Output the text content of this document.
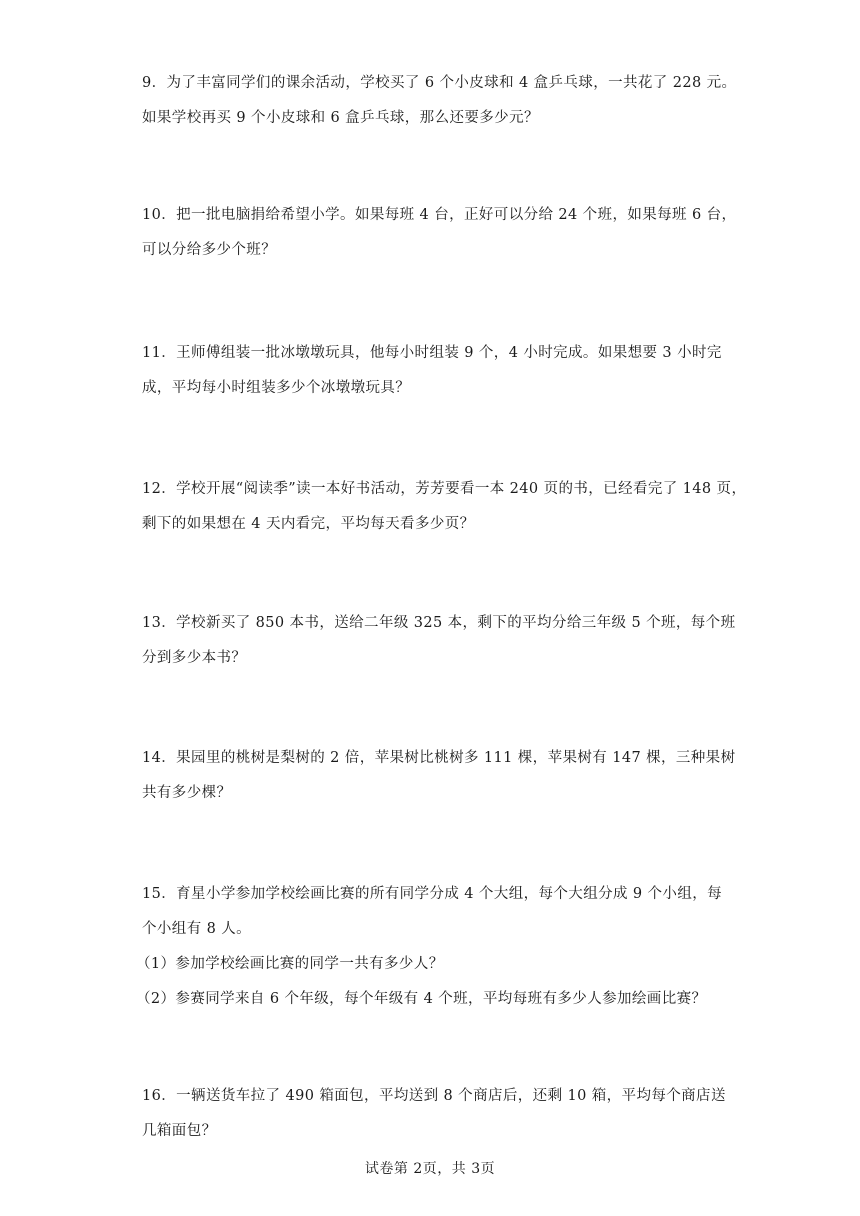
9．为了丰富同学们的课余活动，学校买了 6 个小皮球和 4 盒乒乓球，一共花了 228 元。
如果学校再买 9 个小皮球和 6 盒乒乓球，那么还要多少元？
10．把一批电脑捐给希望小学。如果每班 4 台，正好可以分给 24 个班，如果每班 6 台，
可以分给多少个班？
11．王师傅组装一批冰墩墩玩具，他每小时组装 9 个，4 小时完成。如果想要 3 小时完
成，平均每小时组装多少个冰墩墩玩具？
12．学校开展“阅读季”读一本好书活动，芳芳要看一本 240 页的书，已经看完了 148 页，
剩下的如果想在 4 天内看完，平均每天看多少页？
13．学校新买了 850 本书，送给二年级 325 本，剩下的平均分给三年级 5 个班，每个班
分到多少本书？
14．果园里的桃树是梨树的 2 倍，苹果树比桃树多 111 棵，苹果树有 147 棵，三种果树
共有多少棵？
15．育星小学参加学校绘画比赛的所有同学分成 4 个大组，每个大组分成 9 个小组，每
个小组有 8 人。
（1）参加学校绘画比赛的同学一共有多少人？
（2）参赛同学来自 6 个年级，每个年级有 4 个班，平均每班有多少人参加绘画比赛？
16．一辆送货车拉了 490 箱面包，平均送到 8 个商店后，还剩 10 箱，平均每个商店送
几箱面包？
试卷第 2页，共 3页
